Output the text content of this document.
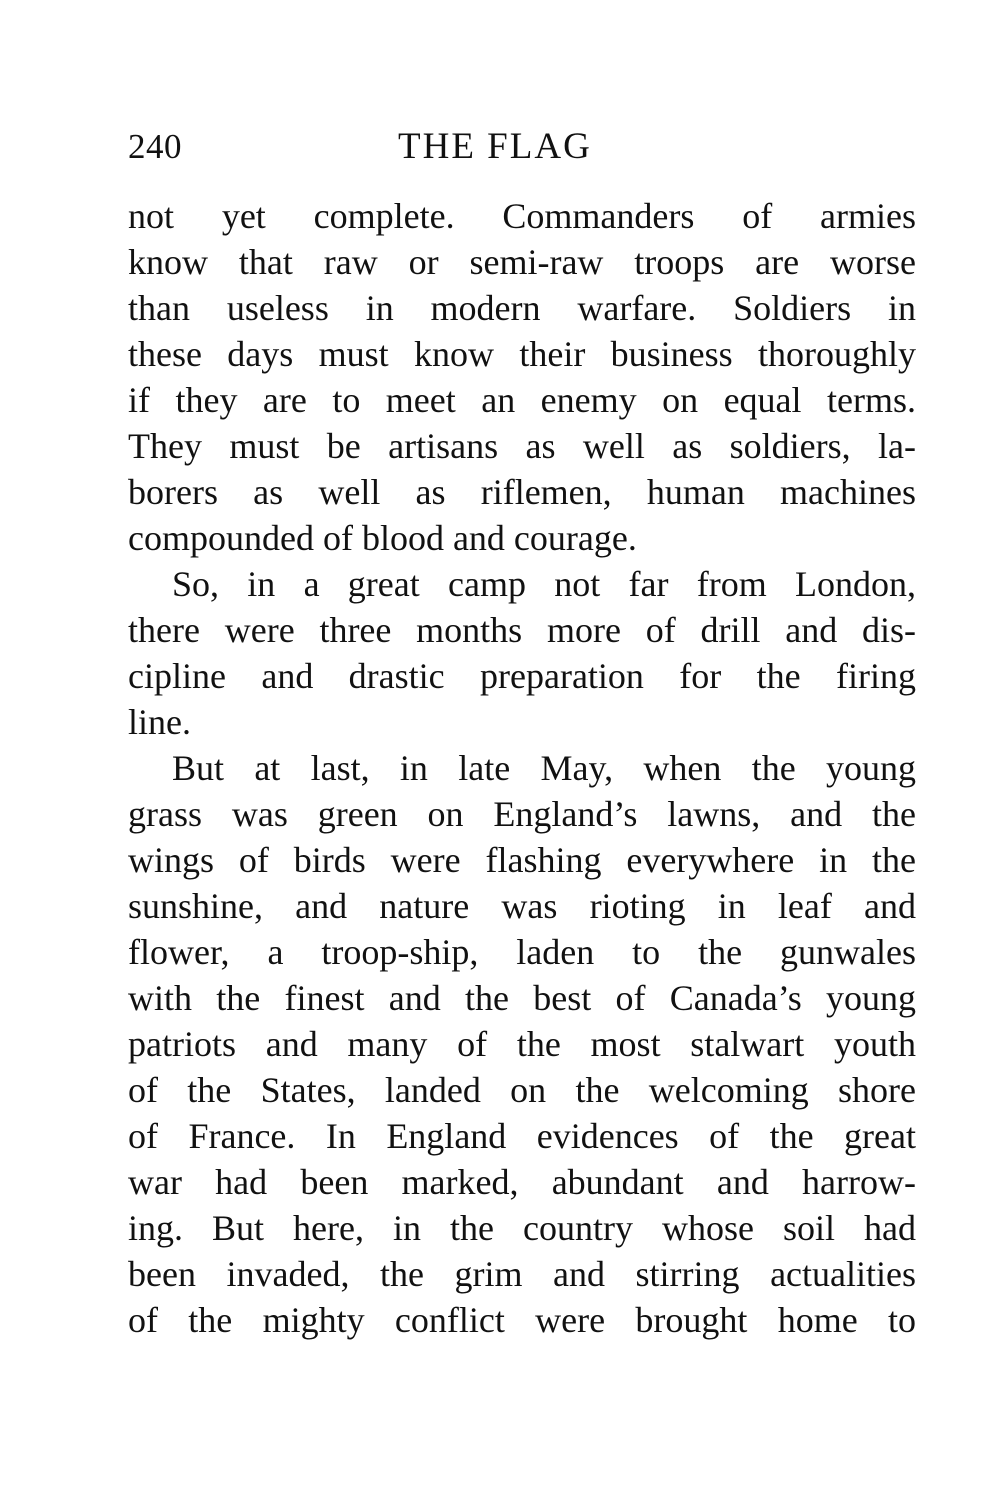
240	THE FLAG
not yet complete. Commanders of armies
know that raw or semi-raw troops are worse
than useless in modern warfare. Soldiers in
these days must know their business thoroughly
if they are to meet an enemy on equal terms.
They must be artisans as well as soldiers, la-
borers as well as riflemen, human machines
compounded of blood and courage.
So, in a great camp not far from London,
there were three months more of drill and dis-
cipline and drastic preparation for the firing
line.
But at last, in late May, when the young
grass was green on England’s lawns, and the
wings of birds were flashing everywhere in the
sunshine, and nature was rioting in leaf and
flower, a troop-ship, laden to the gunwales
with the finest and the best of Canada’s young
patriots and many of the most stalwart youth
of the States, landed on the welcoming shore
of France. In England evidences of the great
war had been marked, abundant and harrow-
ing. But here, in the country whose soil had
been invaded, the grim and stirring actualities
of the mighty conflict were brought home to
